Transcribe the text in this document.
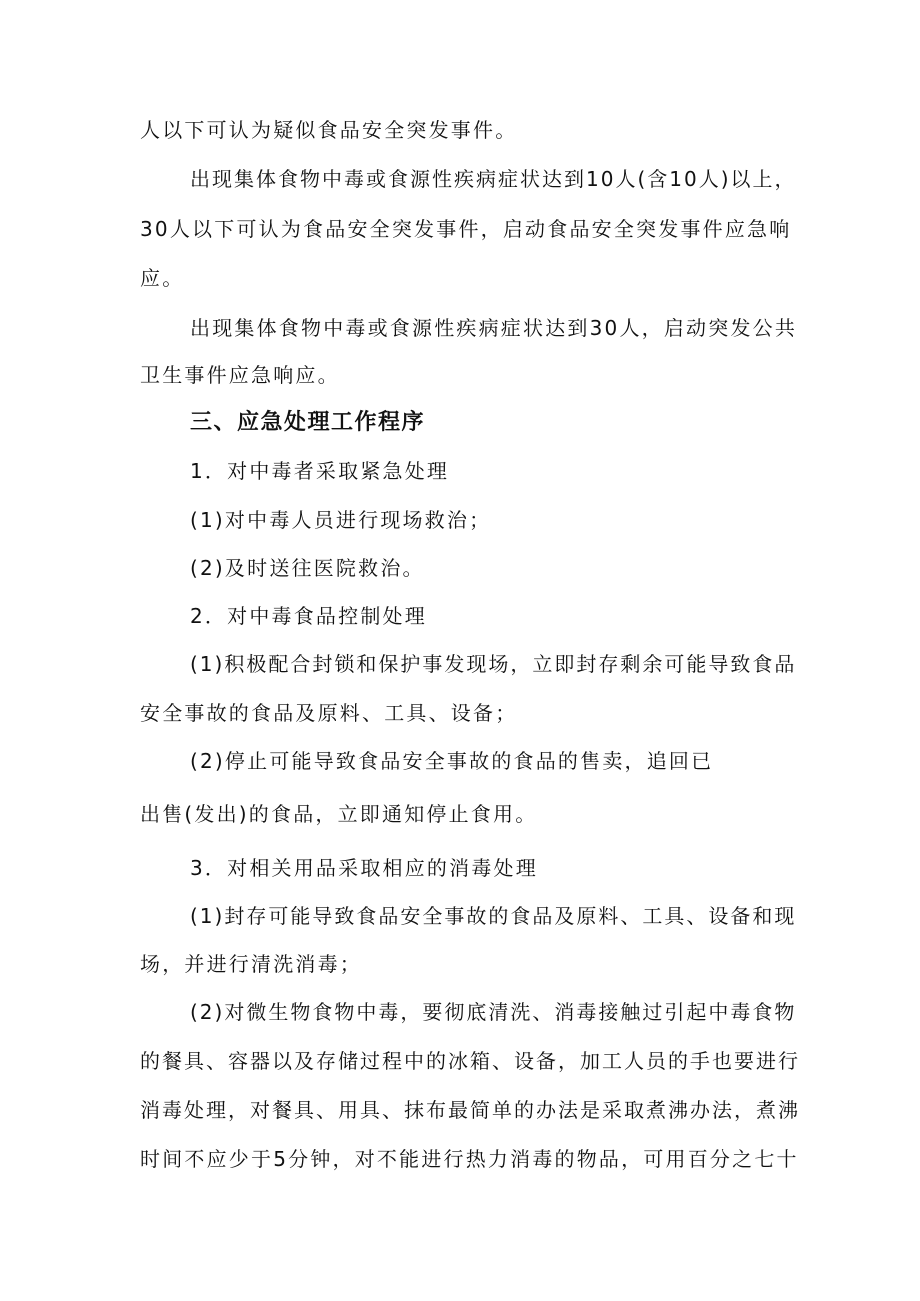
人以下可认为疑似食品安全突发事件。
出现集体食物中毒或食源性疾病症状达到10人(含10人)以上，
30人以下可认为食品安全突发事件，启动食品安全突发事件应急响
应。
出现集体食物中毒或食源性疾病症状达到30人，启动突发公共
卫生事件应急响应。
三、应急处理工作程序
1．对中毒者采取紧急处理
(1)对中毒人员进行现场救治；
(2)及时送往医院救治。
2．对中毒食品控制处理
(1)积极配合封锁和保护事发现场，立即封存剩余可能导致食品
安全事故的食品及原料、工具、设备；
(2)停止可能导致食品安全事故的食品的售卖，追回已
出售(发出)的食品，立即通知停止食用。
3．对相关用品采取相应的消毒处理
(1)封存可能导致食品安全事故的食品及原料、工具、设备和现
场，并进行清洗消毒；
(2)对微生物食物中毒，要彻底清洗、消毒接触过引起中毒食物
的餐具、容器以及存储过程中的冰箱、设备，加工人员的手也要进行
消毒处理，对餐具、用具、抹布最简单的办法是采取煮沸办法，煮沸
时间不应少于5分钟，对不能进行热力消毒的物品，可用百分之七十
